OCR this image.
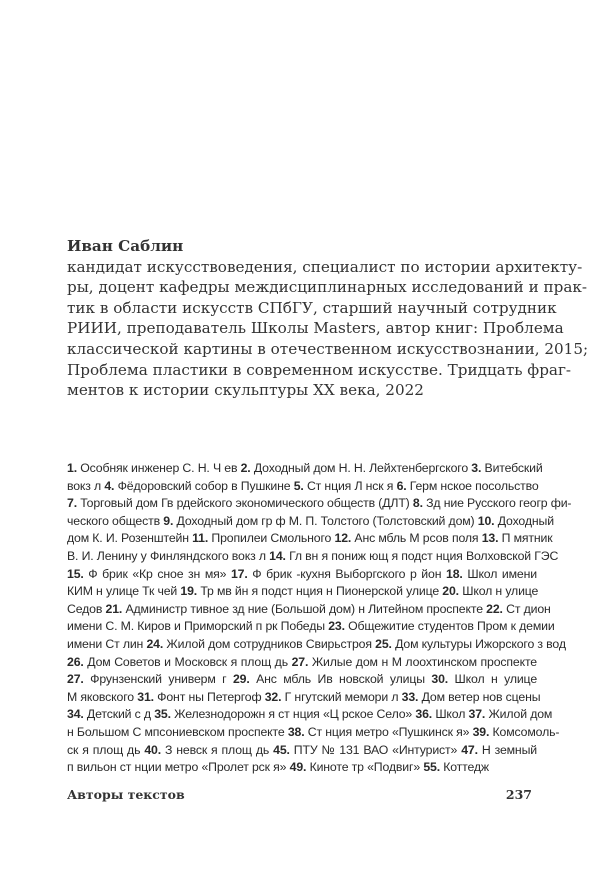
Иван Саблин
кандидат искусствоведения, специалист по истории архитекту-
ры, доцент кафедры междисциплинарных исследований и прак-
тик в области искусств СПбГУ, старший научный сотрудник
РИИИ, преподаватель Школы Masters, автор книг: Проблема
классической картины в отечественном искусствознании, 2015;
Проблема пластики в современном искусстве. Тридцать фраг-
ментов к истории скульптуры XX века, 2022
1. Особняк инженер С. Н. Ч ев 2. Доходный дом Н. Н. Лейхтенбергского 3. Витебский
вокз л 4. Фёдоровский собор в Пушкине 5. Ст нция Л нск я 6. Герм нское посольство
7. Торговый дом Гв рдейского экономического обществ (ДЛТ) 8. Зд ние Русского геогр фи-
ческого обществ 9. Доходный дом гр ф М. П. Толстого (Толстовский дом) 10. Доходный
дом К. И. Розенштейн 11. Пропилеи Смольного 12. Анс мбль М рсов поля 13. П мятник
В. И. Ленину у Финляндского вокз л 14. Гл вн я пониж ющ я подст нция Волховской ГЭС
15. Ф брик «Кр сное зн мя» 17. Ф брик -кухня Выборгского р йон 18. Школ имени
КИМ н улице Тк чей 19. Тр мв йн я подст нция н Пионерской улице 20. Школ н улице
Седов 21. Администр тивное зд ние (Большой дом) н Литейном проспекте 22. Ст дион
имени С. М. Киров и Приморский п рк Победы 23. Общежитие студентов Пром к демии
имени Ст лин 24. Жилой дом сотрудников Свирьстроя 25. Дом культуры Ижорского з вод
26. Дом Советов и Московск я площ дь 27. Жилые дом н М лоохтинском проспекте
27. Фрунзенский универм г 29. Анс мбль Ив новской улицы 30. Школ н улице
М яковского 31. Фонт ны Петергоф 32. Г нгутский мемори л 33. Дом ветер нов сцены
34. Детский с д 35. Железнодорожн я ст нция «Ц рское Село» 36. Школ 37. Жилой дом
н Большом С мпсониевском проспекте 38. Ст нция метро «Пушкинск я» 39. Комсомоль-
ск я площ дь 40. З невск я площ дь 45. ПТУ № 131 ВАО «Интурист» 47. Н земный
п вильон ст нции метро «Пролет рск я» 49. Киноте тр «Подвиг» 55. Коттедж
Авторы текстов	237
